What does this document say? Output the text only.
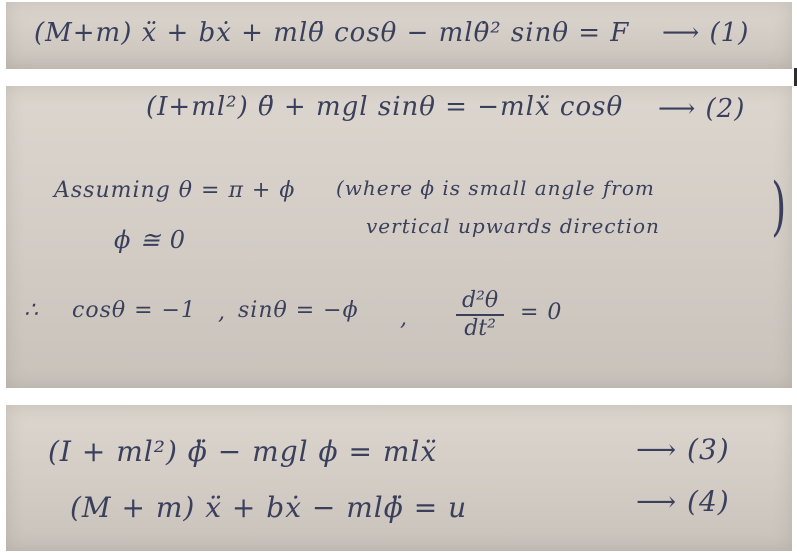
(M+m) ẍ + bẋ + mlθ̈ cosθ − mlθ̇² sinθ = F ⟶ (1)
(I+ml²) θ̈ + mgl sinθ = −mlẍ cosθ ⟶ (2)
Assuming θ = π + ϕ
ϕ ≅ 0
(where ϕ is small angle from
vertical upwards direction )
∴ cosθ = −1 , sinθ = −ϕ , $\frac{\text{d²θ}}{\text{dt²}} = 0$
(I + ml²) ϕ̈ − mgl ϕ = mlẍ	⟶ (3)
(M + m) ẍ + bẋ − mlϕ̈ = u	⟶ (4)
